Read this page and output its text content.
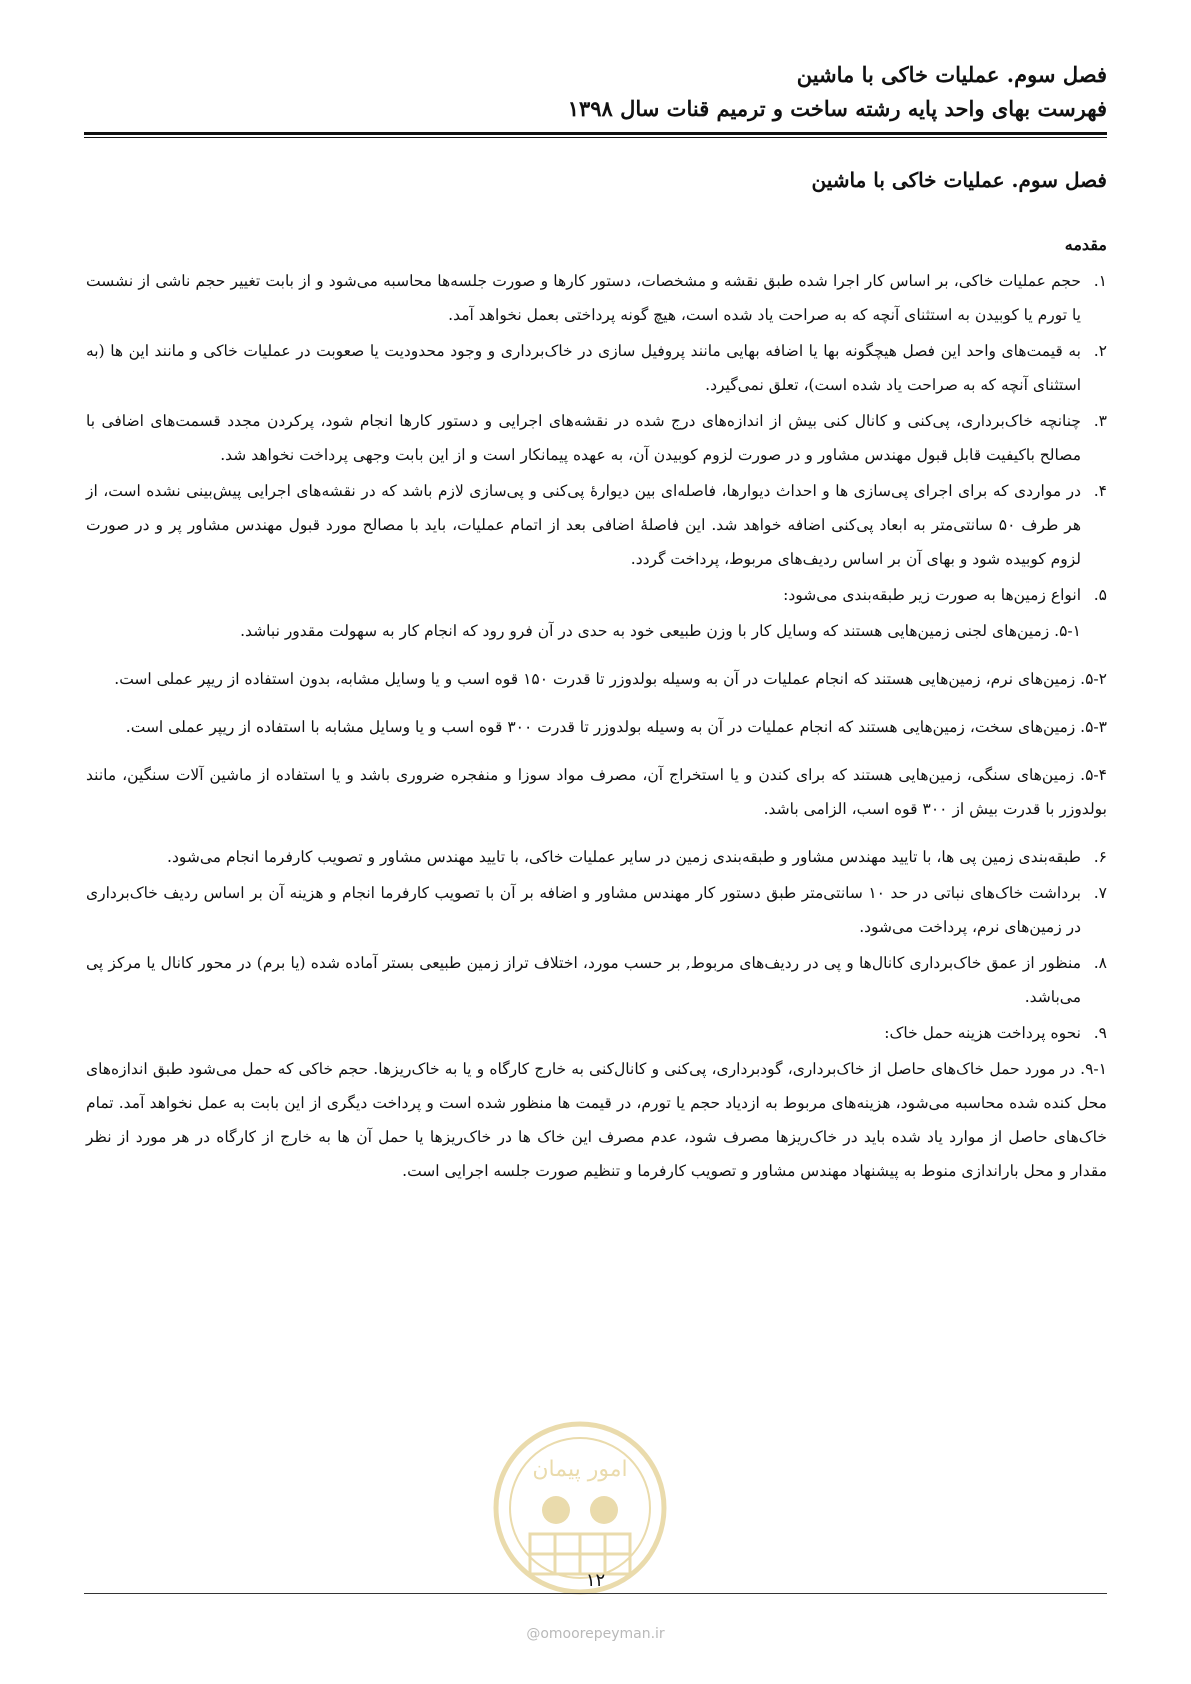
فصل سوم. عملیات خاکی با ماشین
فهرست بهای واحد پایه رشته ساخت و ترمیم قنات سال ۱۳۹۸
فصل سوم. عملیات خاکی با ماشین
مقدمه
۱.
حجم عملیات خاکی، بر اساس کار اجرا شده طبق نقشه و مشخصات، دستور کارها و صورت جلسه‌ها محاسبه می‌شود و از بابت تغییر حجم ناشی از نشست یا تورم یا کوبیدن به استثنای آنچه که به صراحت یاد شده است، هیچ گونه پرداختی بعمل نخواهد آمد.
۲.
به قیمت‌های واحد این فصل هیچگونه بها یا اضافه بهایی مانند پروفیل سازی در خاک‌برداری و وجود محدودیت یا صعوبت در عملیات خاکی و مانند این ها (به استثنای آنچه که به صراحت یاد شده است)، تعلق نمی‌گیرد.
۳.
چنانچه خاک‌برداری، پی‌کنی و کانال کنی بیش از اندازه‌های درج شده در نقشه‌های اجرایی و دستور کارها انجام شود، پرکردن مجدد قسمت‌های اضافی با مصالح باکیفیت قابل قبول مهندس مشاور و در صورت لزوم کوبیدن آن، به عهده پیمانکار است و از این بابت وجهی پرداخت نخواهد شد.
۴.
در مواردی که برای اجرای پی‌سازی ها و احداث دیوارها، فاصله‌ای بین دیوارهٔ پی‌کنی و پی‌سازی لازم باشد که در نقشه‌های اجرایی پیش‌بینی نشده است، از هر طرف ۵۰ سانتی‌متر به ابعاد پی‌کنی اضافه خواهد شد. این فاصلهٔ اضافی بعد از اتمام عملیات، باید با مصالح مورد قبول مهندس مشاور پر و در صورت لزوم کوبیده شود و بهای آن بر اساس ردیف‌های مربوط، پرداخت گردد.
۵.
انواع زمین‌ها به صورت زیر طبقه‌بندی می‌شود:
۵-۱. زمین‌های لجنی زمین‌هایی هستند که وسایل کار با وزن طبیعی خود به حدی در آن فرو رود که انجام کار به سهولت مقدور نباشد.
۵-۲. زمین‌های نرم، زمین‌هایی هستند که انجام عملیات در آن به وسیله بولدوزر تا قدرت ۱۵۰ قوه اسب و یا وسایل مشابه، بدون استفاده از ریپر عملی است.
۵-۳. زمین‌های سخت، زمین‌هایی هستند که انجام عملیات در آن به وسیله بولدوزر تا قدرت ۳۰۰ قوه اسب و یا وسایل مشابه با استفاده از ریپر عملی است.
۵-۴. زمین‌های سنگی، زمین‌هایی هستند که برای کندن و یا استخراج آن، مصرف مواد سوزا و منفجره ضروری باشد و یا استفاده از ماشین آلات سنگین، مانند بولدوزر با قدرت بیش از ۳۰۰ قوه اسب، الزامی باشد.
۶.
طبقه‌بندی زمین پی ها، با تایید مهندس مشاور و طبقه‌بندی زمین در سایر عملیات خاکی، با تایید مهندس مشاور و تصویب کارفرما انجام می‌شود.
۷.
برداشت خاک‌های نباتی در حد ۱۰ سانتی‌متر طبق دستور کار مهندس مشاور و اضافه بر آن با تصویب کارفرما انجام و هزینه آن بر اساس ردیف خاک‌برداری در زمین‌های نرم، پرداخت می‌شود.
۸.
منظور از عمق خاک‌برداری کانال‌ها و پی در ردیف‌های مربوط, بر حسب مورد، اختلاف تراز زمین طبیعی بستر آماده شده (یا برم) در محور کانال یا مرکز پی می‌باشد.
۹.
نحوه پرداخت هزینه حمل خاک:
۹-۱. در مورد حمل خاک‌های حاصل از خاک‌برداری، گودبرداری، پی‌کنی و کانال‌کنی به خارج کارگاه و یا به خاک‌ریزها. حجم خاکی که حمل می‌شود طبق اندازه‌های محل کنده شده محاسبه می‌شود، هزینه‌های مربوط به ازدیاد حجم یا تورم، در قیمت ها منظور شده است و پرداخت دیگری از این بابت به عمل نخواهد آمد. تمام خاک‌های حاصل از موارد یاد شده باید در خاک‌ریزها مصرف شود، عدم مصرف این خاک ها در خاک‌ریزها یا حمل آن ها به خارج از کارگاه در هر مورد از نظر مقدار و محل باراندازی منوط به پیشنهاد مهندس مشاور و تصویب کارفرما و تنظیم صورت جلسه اجرایی است.
امور پیمان
۱۲
@omoorepeyman.ir
